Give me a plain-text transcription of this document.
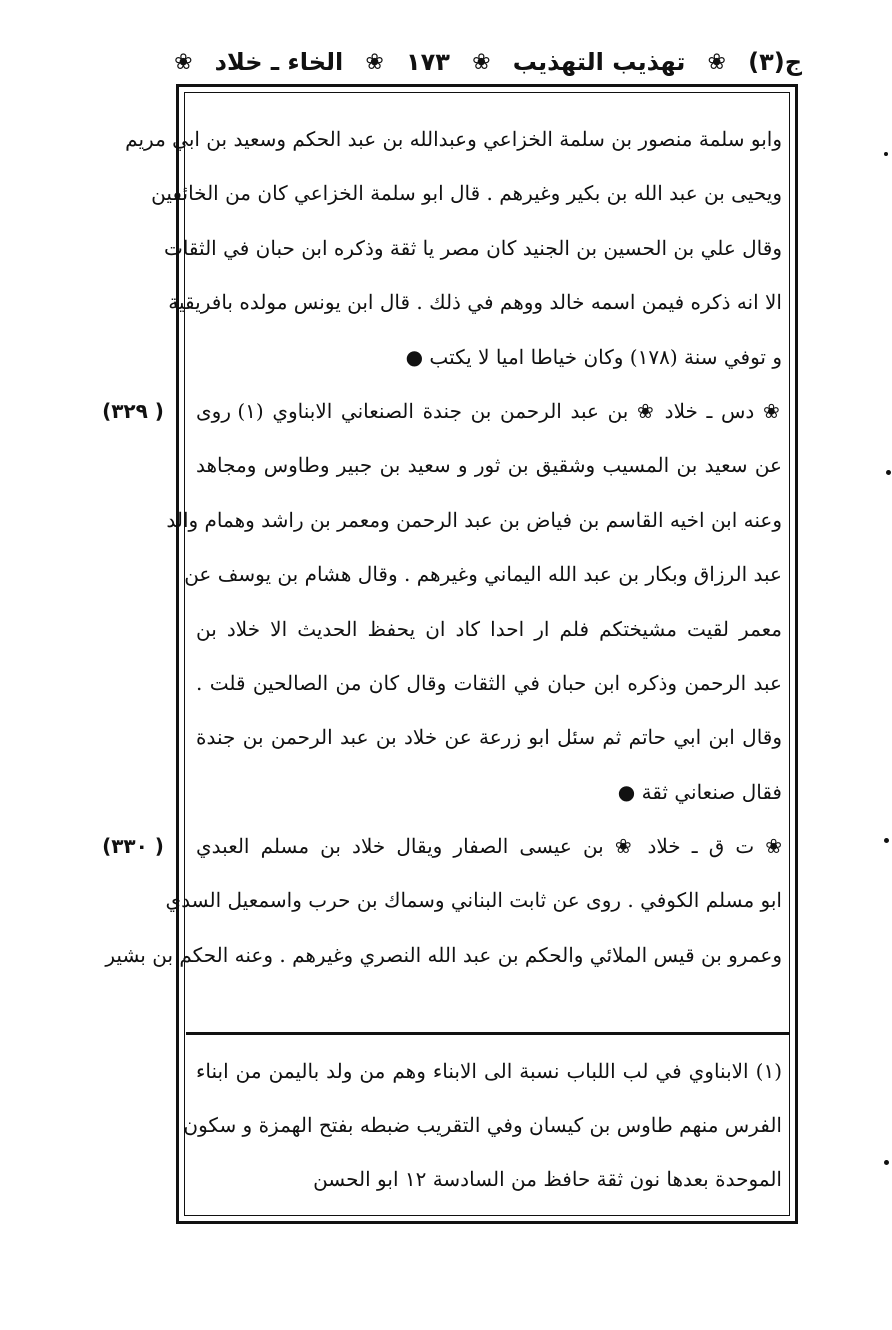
ج(٣)
❀
تهذيب التهذيب
❀
١٧٣
❀
الخاء ـ خلاد
❀
وابو سلمة منصور بن سلمة الخزاعي وعبدالله بن عبد الحكم وسعيد بن ابي مريم
ويحيى بن عبد الله بن بكير وغيرهم . قال ابو سلمة الخزاعي كان من الخائفين
وقال علي بن الحسين بن الجنيد كان مصر يا ثقة وذكره ابن حبان في الثقات
الا انه ذكره فيمن اسمه خالد ووهم في ذلك . قال ابن يونس مولده بافريقية
و توفي سنة (١٧٨) وكان خياطا اميا لا يكتب ●
❀ دس ـ خلاد ❀ بن عبد الرحمن بن جندة الصنعاني الابناوي (١) روى
عن سعيد بن المسيب وشقيق بن ثور و سعيد بن جبير وطاوس ومجاهد
وعنه ابن اخيه القاسم بن فياض بن عبد الرحمن ومعمر بن راشد وهمام والد
عبد الرزاق وبكار بن عبد الله اليماني وغيرهم . وقال هشام بن يوسف عن
معمر لقيت مشيختكم فلم ار احدا كاد ان يحفظ الحديث الا خلاد بن
عبد الرحمن وذكره ابن حبان في الثقات وقال كان من الصالحين قلت .
وقال ابن ابي حاتم ثم سئل ابو زرعة عن خلاد بن عبد الرحمن بن جندة
فقال صنعاني ثقة ●
❀ ت ق ـ خلاد ❀ بن عيسى الصفار ويقال خلاد بن مسلم العبدي
ابو مسلم الكوفي . روى عن ثابت البناني وسماك بن حرب واسمعيل السدي
وعمرو بن قيس الملائي والحكم بن عبد الله النصري وغيرهم . وعنه الحكم بن بشير
( ٣٢٩)
( ٣٣٠)
(١) الابناوي في لب اللباب نسبة الى الابناء وهم من ولد باليمن من ابناء
الفرس منهم طاوس بن كيسان وفي التقريب ضبطه بفتح الهمزة و سكون
الموحدة بعدها نون ثقة حافظ من السادسة ١٢ ابو الحسن
